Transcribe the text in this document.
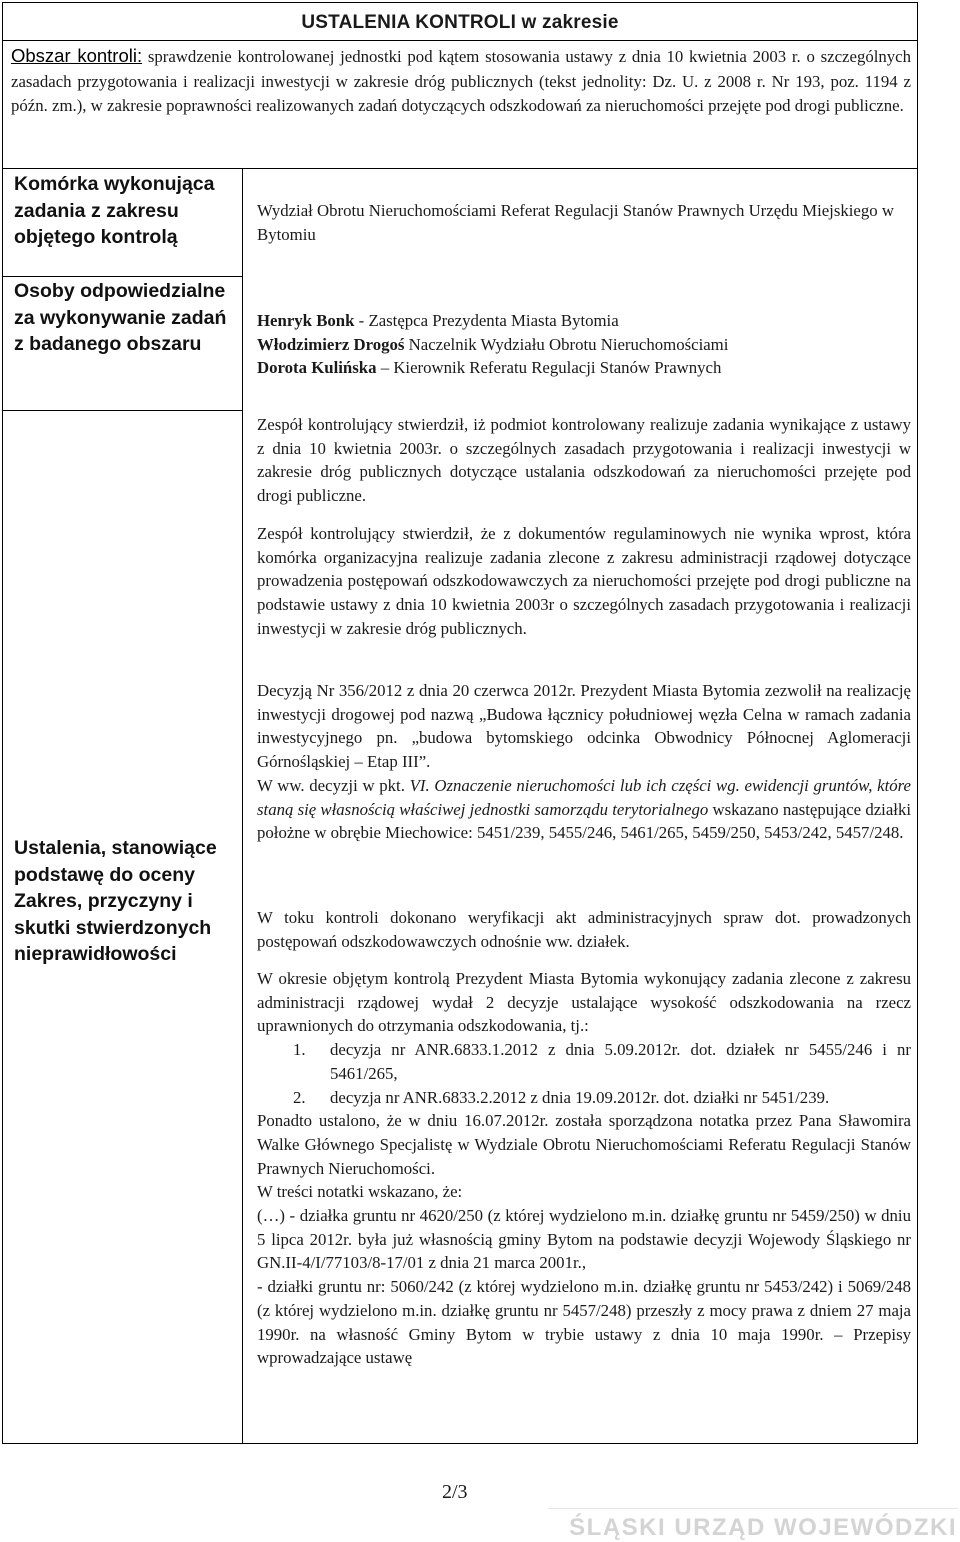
USTALENIA KONTROLI w zakresie

Obszar kontroli: sprawdzenie kontrolowanej jednostki pod kątem stosowania ustawy z dnia 10 kwietnia 2003 r. o szczególnych zasadach przygotowania i realizacji inwestycji w zakresie dróg publicznych (tekst jednolity: Dz. U. z 2008 r. Nr 193, poz. 1194 z późn. zm.), w zakresie poprawności realizowanych zadań dotyczących odszkodowań za nieruchomości przejęte pod drogi publiczne.

Komórka wykonująca zadania z zakresu objętego kontrolą

Osoby odpowiedzialne za wykonywanie zadań z badanego obszaru

Ustalenia, stanowiące podstawę do oceny Zakres, przyczyny i skutki stwierdzonych nieprawidłowości

Wydział Obrotu Nieruchomościami Referat Regulacji Stanów Prawnych Urzędu Miejskiego w Bytomiu

Henryk Bonk - Zastępca Prezydenta Miasta Bytomia
Włodzimierz Drogoś Naczelnik Wydziału Obrotu Nieruchomościami
Dorota Kulińska – Kierownik Referatu Regulacji Stanów Prawnych

Zespół kontrolujący stwierdził, iż podmiot kontrolowany realizuje zadania wynikające z ustawy z dnia 10 kwietnia 2003r. o szczególnych zasadach przygotowania i realizacji inwestycji w zakresie dróg publicznych dotyczące ustalania odszkodowań za nieruchomości przejęte pod drogi publiczne.

Zespół kontrolujący stwierdził, że z dokumentów regulaminowych nie wynika wprost, która komórka organizacyjna realizuje zadania zlecone z zakresu administracji rządowej dotyczące prowadzenia postępowań odszkodowawczych za nieruchomości przejęte pod drogi publiczne na podstawie ustawy z dnia 10 kwietnia 2003r o szczególnych zasadach przygotowania i realizacji inwestycji w zakresie dróg publicznych.

Decyzją Nr 356/2012 z dnia 20 czerwca 2012r. Prezydent Miasta Bytomia zezwolił na realizację inwestycji drogowej pod nazwą „Budowa łącznicy południowej węzła Celna w ramach zadania inwestycyjnego pn. „budowa bytomskiego odcinka Obwodnicy Północnej Aglomeracji Górnośląskiej – Etap III”.

W ww. decyzji w pkt. VI. Oznaczenie nieruchomości lub ich części wg. ewidencji gruntów, które staną się własnością właściwej jednostki samorządu terytorialnego wskazano następujące działki położne w obrębie Miechowice: 5451/239, 5455/246, 5461/265, 5459/250, 5453/242, 5457/248.

W toku kontroli dokonano weryfikacji akt administracyjnych spraw dot. prowadzonych postępowań odszkodowawczych odnośnie ww. działek.

W okresie objętym kontrolą Prezydent Miasta Bytomia wykonujący zadania zlecone z zakresu administracji rządowej wydał 2 decyzje ustalające wysokość odszkodowania na rzecz uprawnionych do otrzymania odszkodowania, tj.:

1. decyzja nr ANR.6833.1.2012 z dnia 5.09.2012r. dot. działek nr 5455/246 i nr 5461/265,
2. decyzja nr ANR.6833.2.2012 z dnia 19.09.2012r. dot. działki nr 5451/239.

Ponadto ustalono, że w dniu 16.07.2012r. została sporządzona notatka przez Pana Sławomira Walke Głównego Specjalistę w Wydziale Obrotu Nieruchomościami Referatu Regulacji Stanów Prawnych Nieruchomości.

W treści notatki wskazano, że:

(…) - działka gruntu nr 4620/250 (z której wydzielono m.in. działkę gruntu nr 5459/250) w dniu 5 lipca 2012r. była już własnością gminy Bytom na podstawie decyzji Wojewody Śląskiego nr GN.II-4/I/77103/8-17/01 z dnia 21 marca 2001r.,

- działki gruntu nr: 5060/242 (z której wydzielono m.in. działkę gruntu nr 5453/242) i 5069/248 (z której wydzielono m.in. działkę gruntu nr 5457/248) przeszły z mocy prawa z dniem 27 maja 1990r. na własność Gminy Bytom w trybie ustawy z dnia 10 maja 1990r. – Przepisy wprowadzające ustawę

2/3
ŚLĄSKI URZĄD WOJEWÓDZKI
